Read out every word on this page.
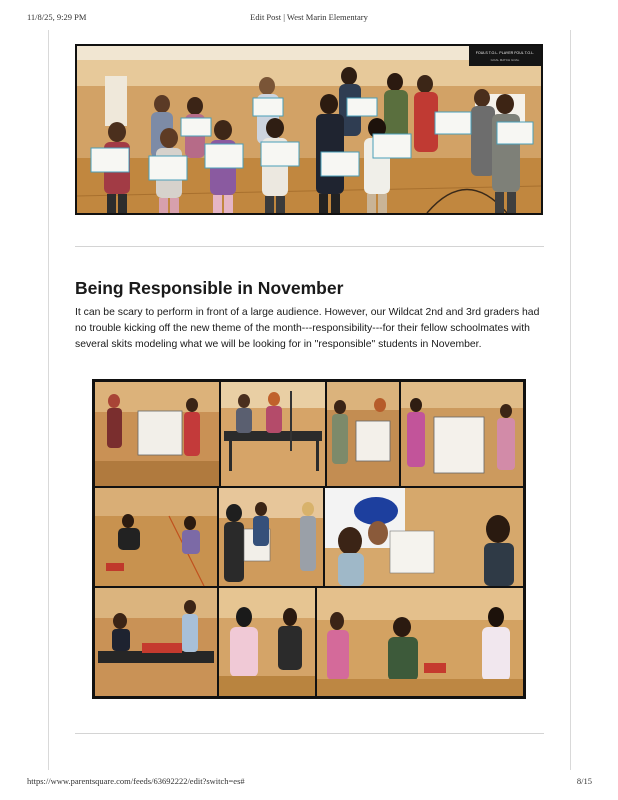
11/8/25, 9:29 PM	Edit Post | West Marin Elementary
FOULS T.O.L. PLAYER FOUL T.O.L.
GOAL MATCH GOAL
Being Responsible in November

It can be scary to perform in front of a large audience. However, our Wildcat 2nd and 3rd graders had no trouble kicking off the new theme of the month---responsibility---for their fellow schoolmates with several skits modeling what we will be looking for in "responsible" students in November.

https://www.parentsquare.com/feeds/63692222/edit?switch=es#	8/15
